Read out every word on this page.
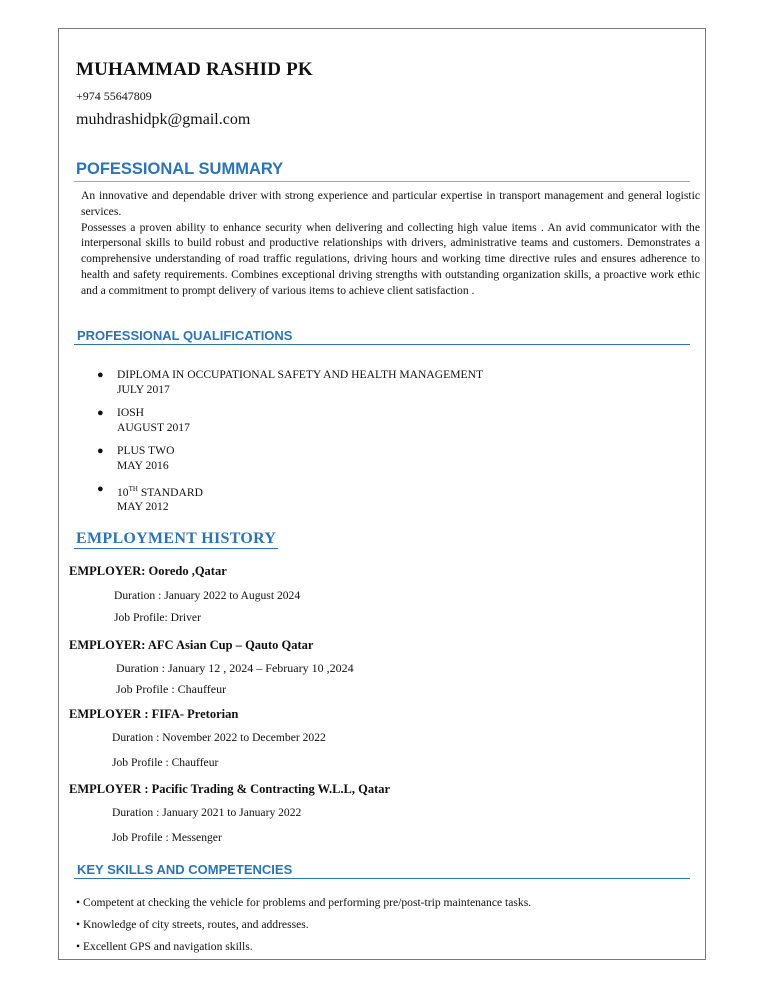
MUHAMMAD RASHID PK
+974 55647809
muhdrashidpk@gmail.com
POFESSIONAL SUMMARY

An innovative and dependable driver with strong experience and particular expertise in transport management and general logistic services.

Possesses a proven ability to enhance security when delivering and collecting high value items . An avid communicator with the interpersonal skills to build robust and productive relationships with drivers, administrative teams and customers. Demonstrates a comprehensive understanding of road traffic regulations, driving hours and working time directive rules and ensures adherence to health and safety requirements. Combines exceptional driving strengths with outstanding organization skills, a proactive work ethic and a commitment to prompt delivery of various items to achieve client satisfaction .

PROFESSIONAL QUALIFICATIONS
● DIPLOMA IN OCCUPATIONAL SAFETY AND HEALTH MANAGEMENT
JULY 2017
● IOSH
AUGUST 2017
● PLUS TWO
MAY 2016
● 10TH STANDARD
MAY 2012
EMPLOYMENT HISTORY
EMPLOYER: Ooredo ,Qatar
Duration : January 2022 to August 2024
Job Profile: Driver
EMPLOYER: AFC Asian Cup – Qauto Qatar
Duration : January 12 , 2024 – February 10 ,2024
Job Profile : Chauffeur
EMPLOYER : FIFA- Pretorian
Duration : November 2022 to December 2022
Job Profile : Chauffeur
EMPLOYER : Pacific Trading & Contracting W.L.L, Qatar
Duration : January 2021 to January 2022
Job Profile : Messenger
KEY SKILLS AND COMPETENCIES
• Competent at checking the vehicle for problems and performing pre/post-trip maintenance tasks.
• Knowledge of city streets, routes, and addresses.
• Excellent GPS and navigation skills.
